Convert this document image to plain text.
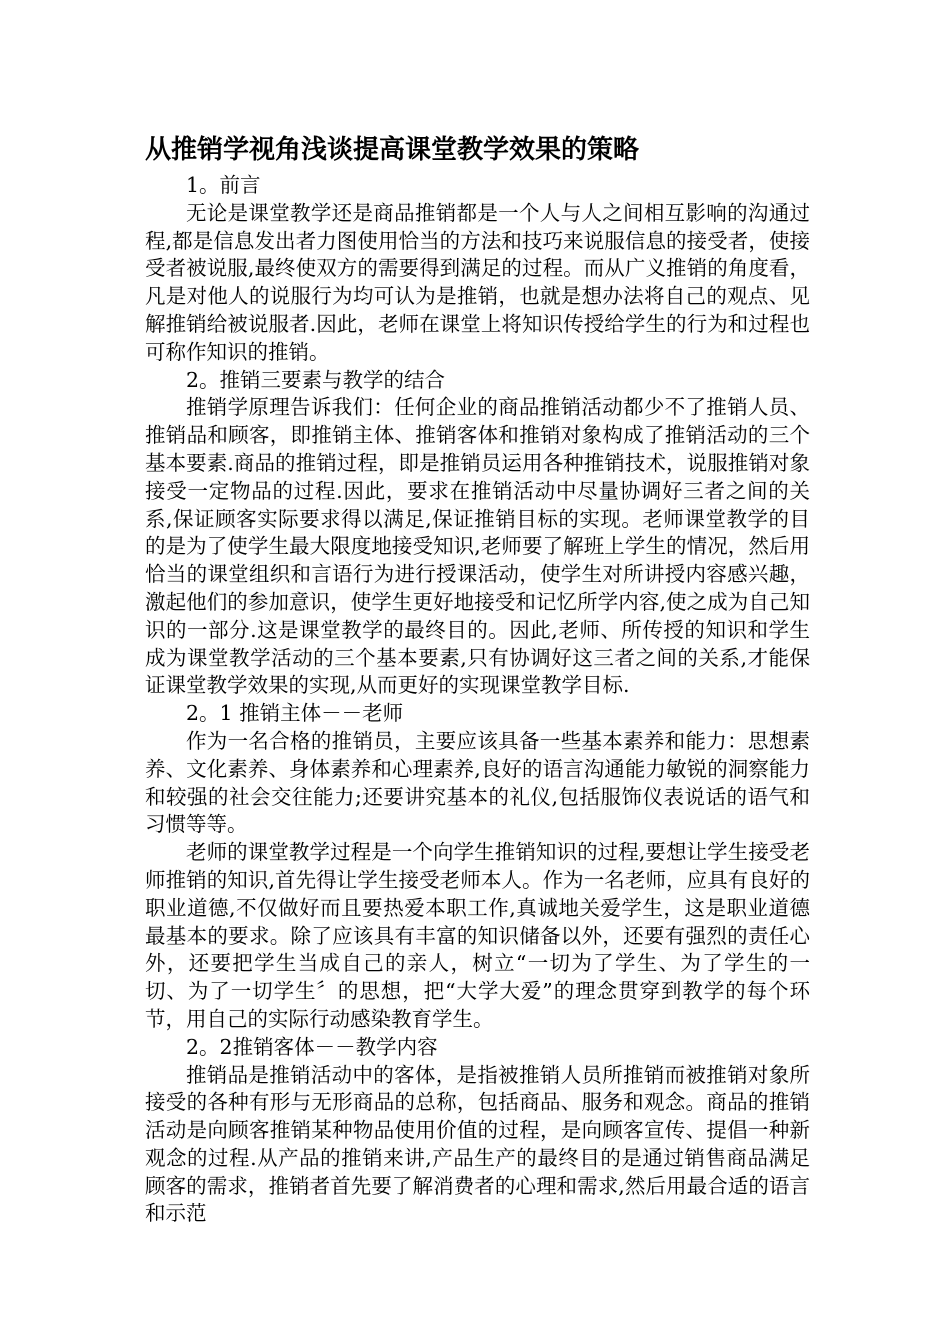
从推销学视角浅谈提高课堂教学效果的策略

1。前言

无论是课堂教学还是商品推销都是一个人与人之间相互影响的沟通过程,都是信息发出者力图使用恰当的方法和技巧来说服信息的接受者，使接受者被说服,最终使双方的需要得到满足的过程。而从广义推销的角度看，凡是对他人的说服行为均可认为是推销，也就是想办法将自己的观点、见解推销给被说服者.因此，老师在课堂上将知识传授给学生的行为和过程也可称作知识的推销。

2。推销三要素与教学的结合

推销学原理告诉我们：任何企业的商品推销活动都少不了推销人员、推销品和顾客，即推销主体、推销客体和推销对象构成了推销活动的三个基本要素.商品的推销过程，即是推销员运用各种推销技术，说服推销对象接受一定物品的过程.因此，要求在推销活动中尽量协调好三者之间的关系,保证顾客实际要求得以满足,保证推销目标的实现。老师课堂教学的目的是为了使学生最大限度地接受知识,老师要了解班上学生的情况，然后用恰当的课堂组织和言语行为进行授课活动，使学生对所讲授内容感兴趣，激起他们的参加意识，使学生更好地接受和记忆所学内容,使之成为自己知识的一部分.这是课堂教学的最终目的。因此,老师、所传授的知识和学生成为课堂教学活动的三个基本要素,只有协调好这三者之间的关系,才能保证课堂教学效果的实现,从而更好的实现课堂教学目标.

2。1 推销主体－－老师

作为一名合格的推销员，主要应该具备一些基本素养和能力：思想素养、文化素养、身体素养和心理素养,良好的语言沟通能力敏锐的洞察能力和较强的社会交往能力;还要讲究基本的礼仪,包括服饰仪表说话的语气和习惯等等。

老师的课堂教学过程是一个向学生推销知识的过程,要想让学生接受老师推销的知识,首先得让学生接受老师本人。作为一名老师，应具有良好的职业道德,不仅做好而且要热爱本职工作,真诚地关爱学生，这是职业道德最基本的要求。除了应该具有丰富的知识储备以外，还要有强烈的责任心外，还要把学生当成自己的亲人，树立“一切为了学生、为了学生的一切、为了一切学生〞的思想，把“大学大爱”的理念贯穿到教学的每个环节，用自己的实际行动感染教育学生。

2。2推销客体－－教学内容

推销品是推销活动中的客体，是指被推销人员所推销而被推销对象所接受的各种有形与无形商品的总称，包括商品、服务和观念。商品的推销活动是向顾客推销某种物品使用价值的过程，是向顾客宣传、提倡一种新观念的过程.从产品的推销来讲,产品生产的最终目的是通过销售商品满足顾客的需求，推销者首先要了解消费者的心理和需求,然后用最合适的语言和示范
